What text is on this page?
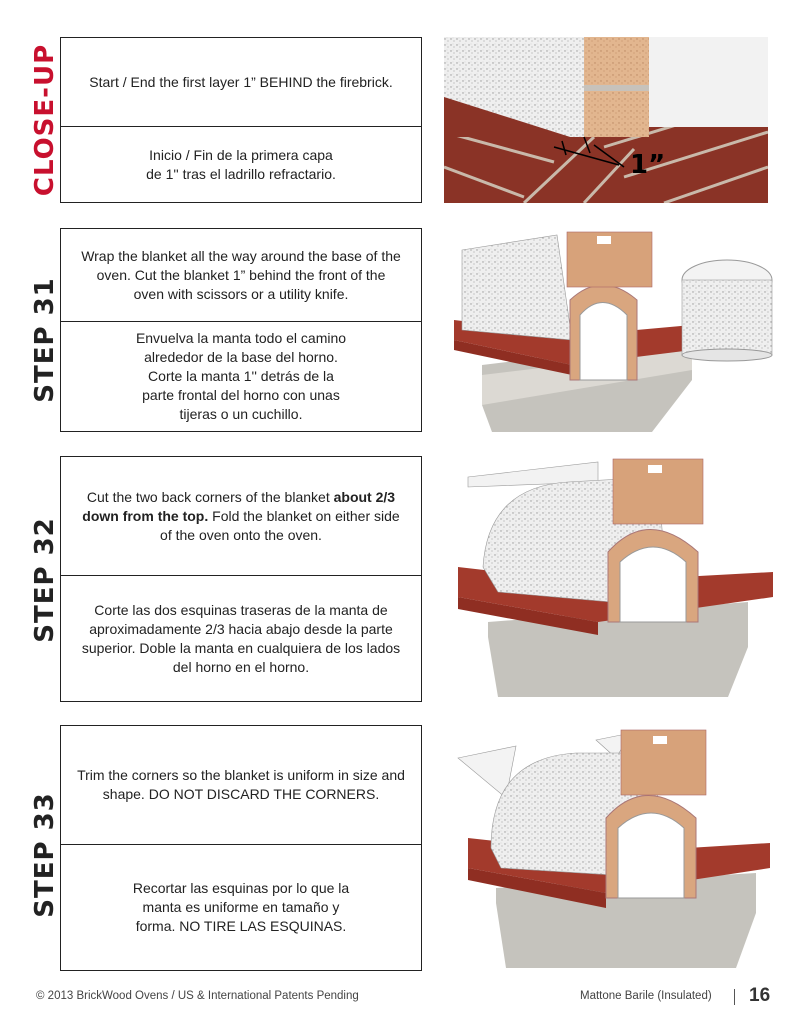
CLOSE-UP
STEP 31
STEP 32
STEP 33
Start / End the first layer 1” BEHIND the firebrick.
Inicio / Fin de la primera capa de 1'' tras el ladrillo refractario.
Wrap the blanket all the way around the base of the oven. Cut the blanket 1” behind the front of the oven with scissors or a utility knife.
Envuelva la manta todo el camino alrededor de la base del horno. Corte la manta 1'' detrás de la parte frontal del horno con unas tijeras o un cuchillo.
Cut the two back corners of the blanket about 2/3 down from the top. Fold the blanket on either side of the oven onto the oven.
Corte las dos esquinas traseras de la manta de aproximadamente 2/3 hacia abajo desde la parte superior. Doble la manta en cualquiera de los lados del horno en el horno.
Trim the corners so the blanket is uniform in size and shape. DO NOT DISCARD THE CORNERS.
Recortar las esquinas por lo que la manta es uniforme en tamaño y forma. NO TIRE LAS ESQUINAS.
1”
© 2013 BrickWood Ovens / US & International Patents Pending	Mattone Barile (Insulated) 16
